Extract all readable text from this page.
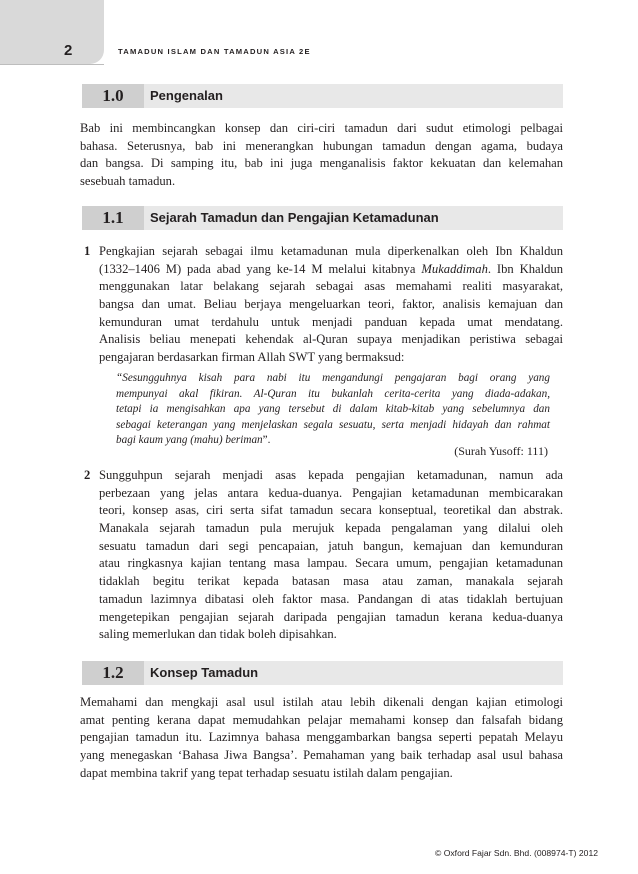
2	TAMADUN ISLAM DAN TAMADUN ASIA 2E
1.0	Pengenalan
Bab ini membincangkan konsep dan ciri-ciri tamadun dari sudut etimologi pelbagai
bahasa. Seterusnya, bab ini menerangkan hubungan tamadun dengan agama, budaya
dan bangsa. Di samping itu, bab ini juga menganalisis faktor kekuatan dan kelemahan
sesebuah tamadun.
1.1	Sejarah Tamadun dan Pengajian Ketamadunan
1 Pengkajian sejarah sebagai ilmu ketamadunan mula diperkenalkan oleh Ibn Khaldun
(1332–1406 M) pada abad yang ke-14 M melalui kitabnya Mukaddimah. Ibn Khaldun
menggunakan latar belakang sejarah sebagai asas memahami realiti masyarakat,
bangsa dan umat. Beliau berjaya mengeluarkan teori, faktor, analisis kemajuan dan
kemunduran umat terdahulu untuk menjadi panduan kepada umat mendatang.
Analisis beliau menepati kehendak al-Quran supaya menjadikan peristiwa sebagai
pengajaran berdasarkan firman Allah SWT yang bermaksud:
“Sesungguhnya kisah para nabi itu mengandungi pengajaran bagi orang yang
mempunyai akal fikiran. Al-Quran itu bukanlah cerita-cerita yang diada-adakan,
tetapi ia mengisahkan apa yang tersebut di dalam kitab-kitab yang sebelumnya dan
sebagai keterangan yang menjelaskan segala sesuatu, serta menjadi hidayah dan rahmat
bagi kaum yang (mahu) beriman”.
(Surah Yusoff: 111)
2 Sungguhpun sejarah menjadi asas kepada pengajian ketamadunan, namun ada
perbezaan yang jelas antara kedua-duanya. Pengajian ketamadunan membicarakan
teori, konsep asas, ciri serta sifat tamadun secara konseptual, teoretikal dan abstrak.
Manakala sejarah tamadun pula merujuk kepada pengalaman yang dilalui oleh
sesuatu tamadun dari segi pencapaian, jatuh bangun, kemajuan dan kemunduran
atau ringkasnya kajian tentang masa lampau. Secara umum, pengajian ketamadunan
tidaklah begitu terikat kepada batasan masa atau zaman, manakala sejarah
tamadun lazimnya dibatasi oleh faktor masa. Pandangan di atas tidaklah bertujuan
mengetepikan pengajian sejarah daripada pengajian tamadun kerana kedua-duanya
saling memerlukan dan tidak boleh dipisahkan.
1.2	Konsep Tamadun
Memahami dan mengkaji asal usul istilah atau lebih dikenali dengan kajian etimologi
amat penting kerana dapat memudahkan pelajar memahami konsep dan falsafah bidang
pengajian tamadun itu. Lazimnya bahasa menggambarkan bangsa seperti pepatah Melayu
yang menegaskan ‘Bahasa Jiwa Bangsa’. Pemahaman yang baik terhadap asal usul bahasa
dapat membina takrif yang tepat terhadap sesuatu istilah dalam pengajian.
© Oxford Fajar Sdn. Bhd. (008974-T) 2012
